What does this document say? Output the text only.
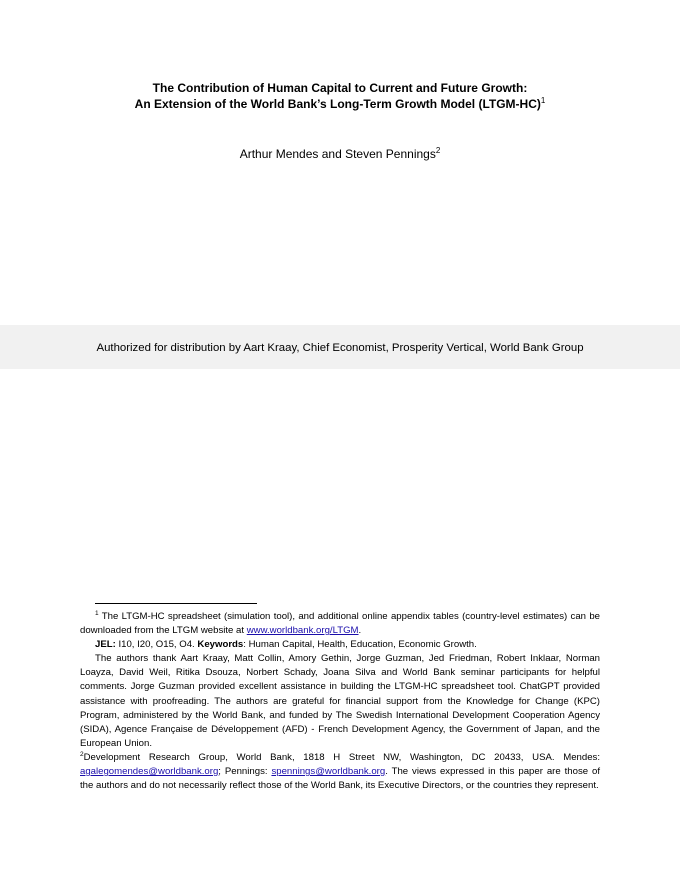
The Contribution of Human Capital to Current and Future Growth:
An Extension of the World Bank’s Long-Term Growth Model (LTGM-HC)$^1$
Arthur Mendes and Steven Pennings$^2$
Authorized for distribution by Aart Kraay, Chief Economist, Prosperity Vertical, World Bank Group

$^1$ The LTGM-HC spreadsheet (simulation tool), and additional online appendix tables (country-level estimates) can be downloaded from the LTGM website at www.worldbank.org/LTGM.

JEL: I10, I20, O15, O4. Keywords: Human Capital, Health, Education, Economic Growth.

The authors thank Aart Kraay, Matt Collin, Amory Gethin, Jorge Guzman, Jed Friedman, Robert Inklaar, Norman Loayza, David Weil, Ritika Dsouza, Norbert Schady, Joana Silva and World Bank seminar participants for helpful comments. Jorge Guzman provided excellent assistance in building the LTGM-HC spreadsheet tool. ChatGPT provided assistance with proofreading. The authors are grateful for financial support from the Knowledge for Change (KPC) Program, administered by the World Bank, and funded by The Swedish International Development Cooperation Agency (SIDA), Agence Française de Développement (AFD) - French Development Agency, the Government of Japan, and the European Union.

$^2$Development Research Group, World Bank, 1818 H Street NW, Washington, DC 20433, USA. Mendes: agalegomendes@worldbank.org; Pennings: spennings@worldbank.org. The views expressed in this paper are those of the authors and do not necessarily reflect those of the World Bank, its Executive Directors, or the countries they represent.
